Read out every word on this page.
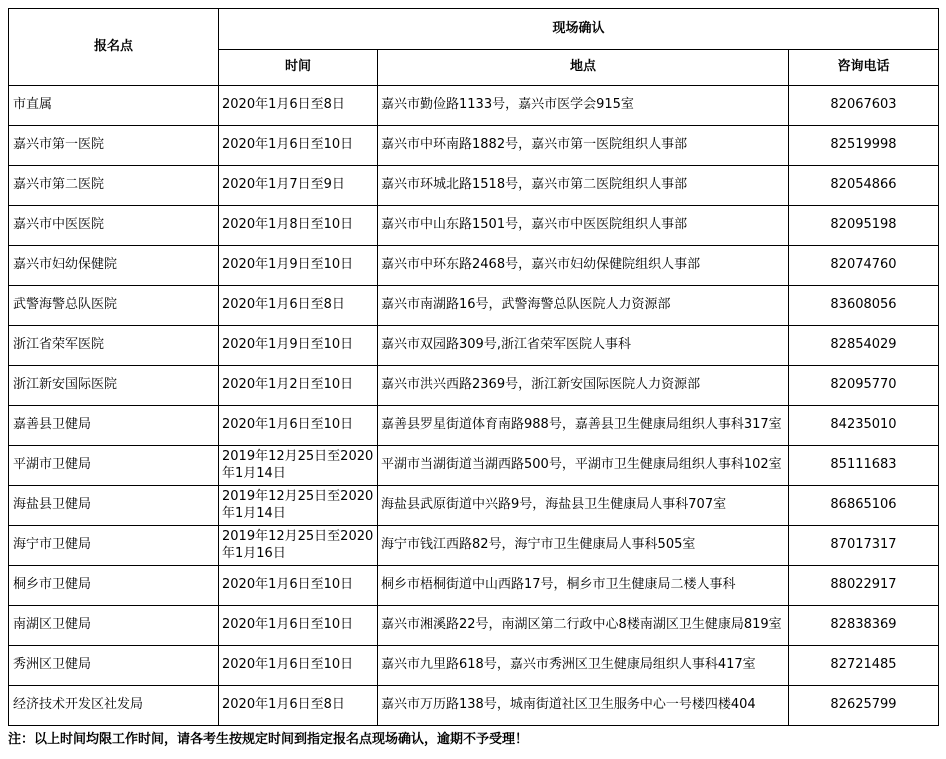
报名点	现场确认		
	时间	地点	咨询电话
市直属	2020年1月6日至8日	嘉兴市勤俭路1133号，嘉兴市医学会915室	82067603
嘉兴市第一医院	2020年1月6日至10日	嘉兴市中环南路1882号，嘉兴市第一医院组织人事部	82519998
嘉兴市第二医院	2020年1月7日至9日	嘉兴市环城北路1518号，嘉兴市第二医院组织人事部	82054866
嘉兴市中医医院	2020年1月8日至10日	嘉兴市中山东路1501号，嘉兴市中医医院组织人事部	82095198
嘉兴市妇幼保健院	2020年1月9日至10日	嘉兴市中环东路2468号，嘉兴市妇幼保健院组织人事部	82074760
武警海警总队医院	2020年1月6日至8日	嘉兴市南湖路16号，武警海警总队医院人力资源部	83608056
浙江省荣军医院	2020年1月9日至10日	嘉兴市双园路309号,浙江省荣军医院人事科	82854029
浙江新安国际医院	2020年1月2日至10日	嘉兴市洪兴西路2369号，浙江新安国际医院人力资源部	82095770
嘉善县卫健局	2020年1月6日至10日	嘉善县罗星街道体育南路988号，嘉善县卫生健康局组织人事科317室	84235010
平湖市卫健局	2019年12月25日至2020年1月14日	平湖市当湖街道当湖西路500号，平湖市卫生健康局组织人事科102室	85111683
海盐县卫健局	2019年12月25日至2020年1月14日	海盐县武原街道中兴路9号，海盐县卫生健康局人事科707室	86865106
海宁市卫健局	2019年12月25日至2020年1月16日	海宁市钱江西路82号，海宁市卫生健康局人事科505室	87017317
桐乡市卫健局	2020年1月6日至10日	桐乡市梧桐街道中山西路17号，桐乡市卫生健康局二楼人事科	88022917
南湖区卫健局	2020年1月6日至10日	嘉兴市湘溪路22号，南湖区第二行政中心8楼南湖区卫生健康局819室	82838369
秀洲区卫健局	2020年1月6日至10日	嘉兴市九里路618号，嘉兴市秀洲区卫生健康局组织人事科417室	82721485
经济技术开发区社发局	2020年1月6日至8日	嘉兴市万历路138号，城南街道社区卫生服务中心一号楼四楼404	82625799

注：以上时间均限工作时间，请各考生按规定时间到指定报名点现场确认，逾期不予受理！
